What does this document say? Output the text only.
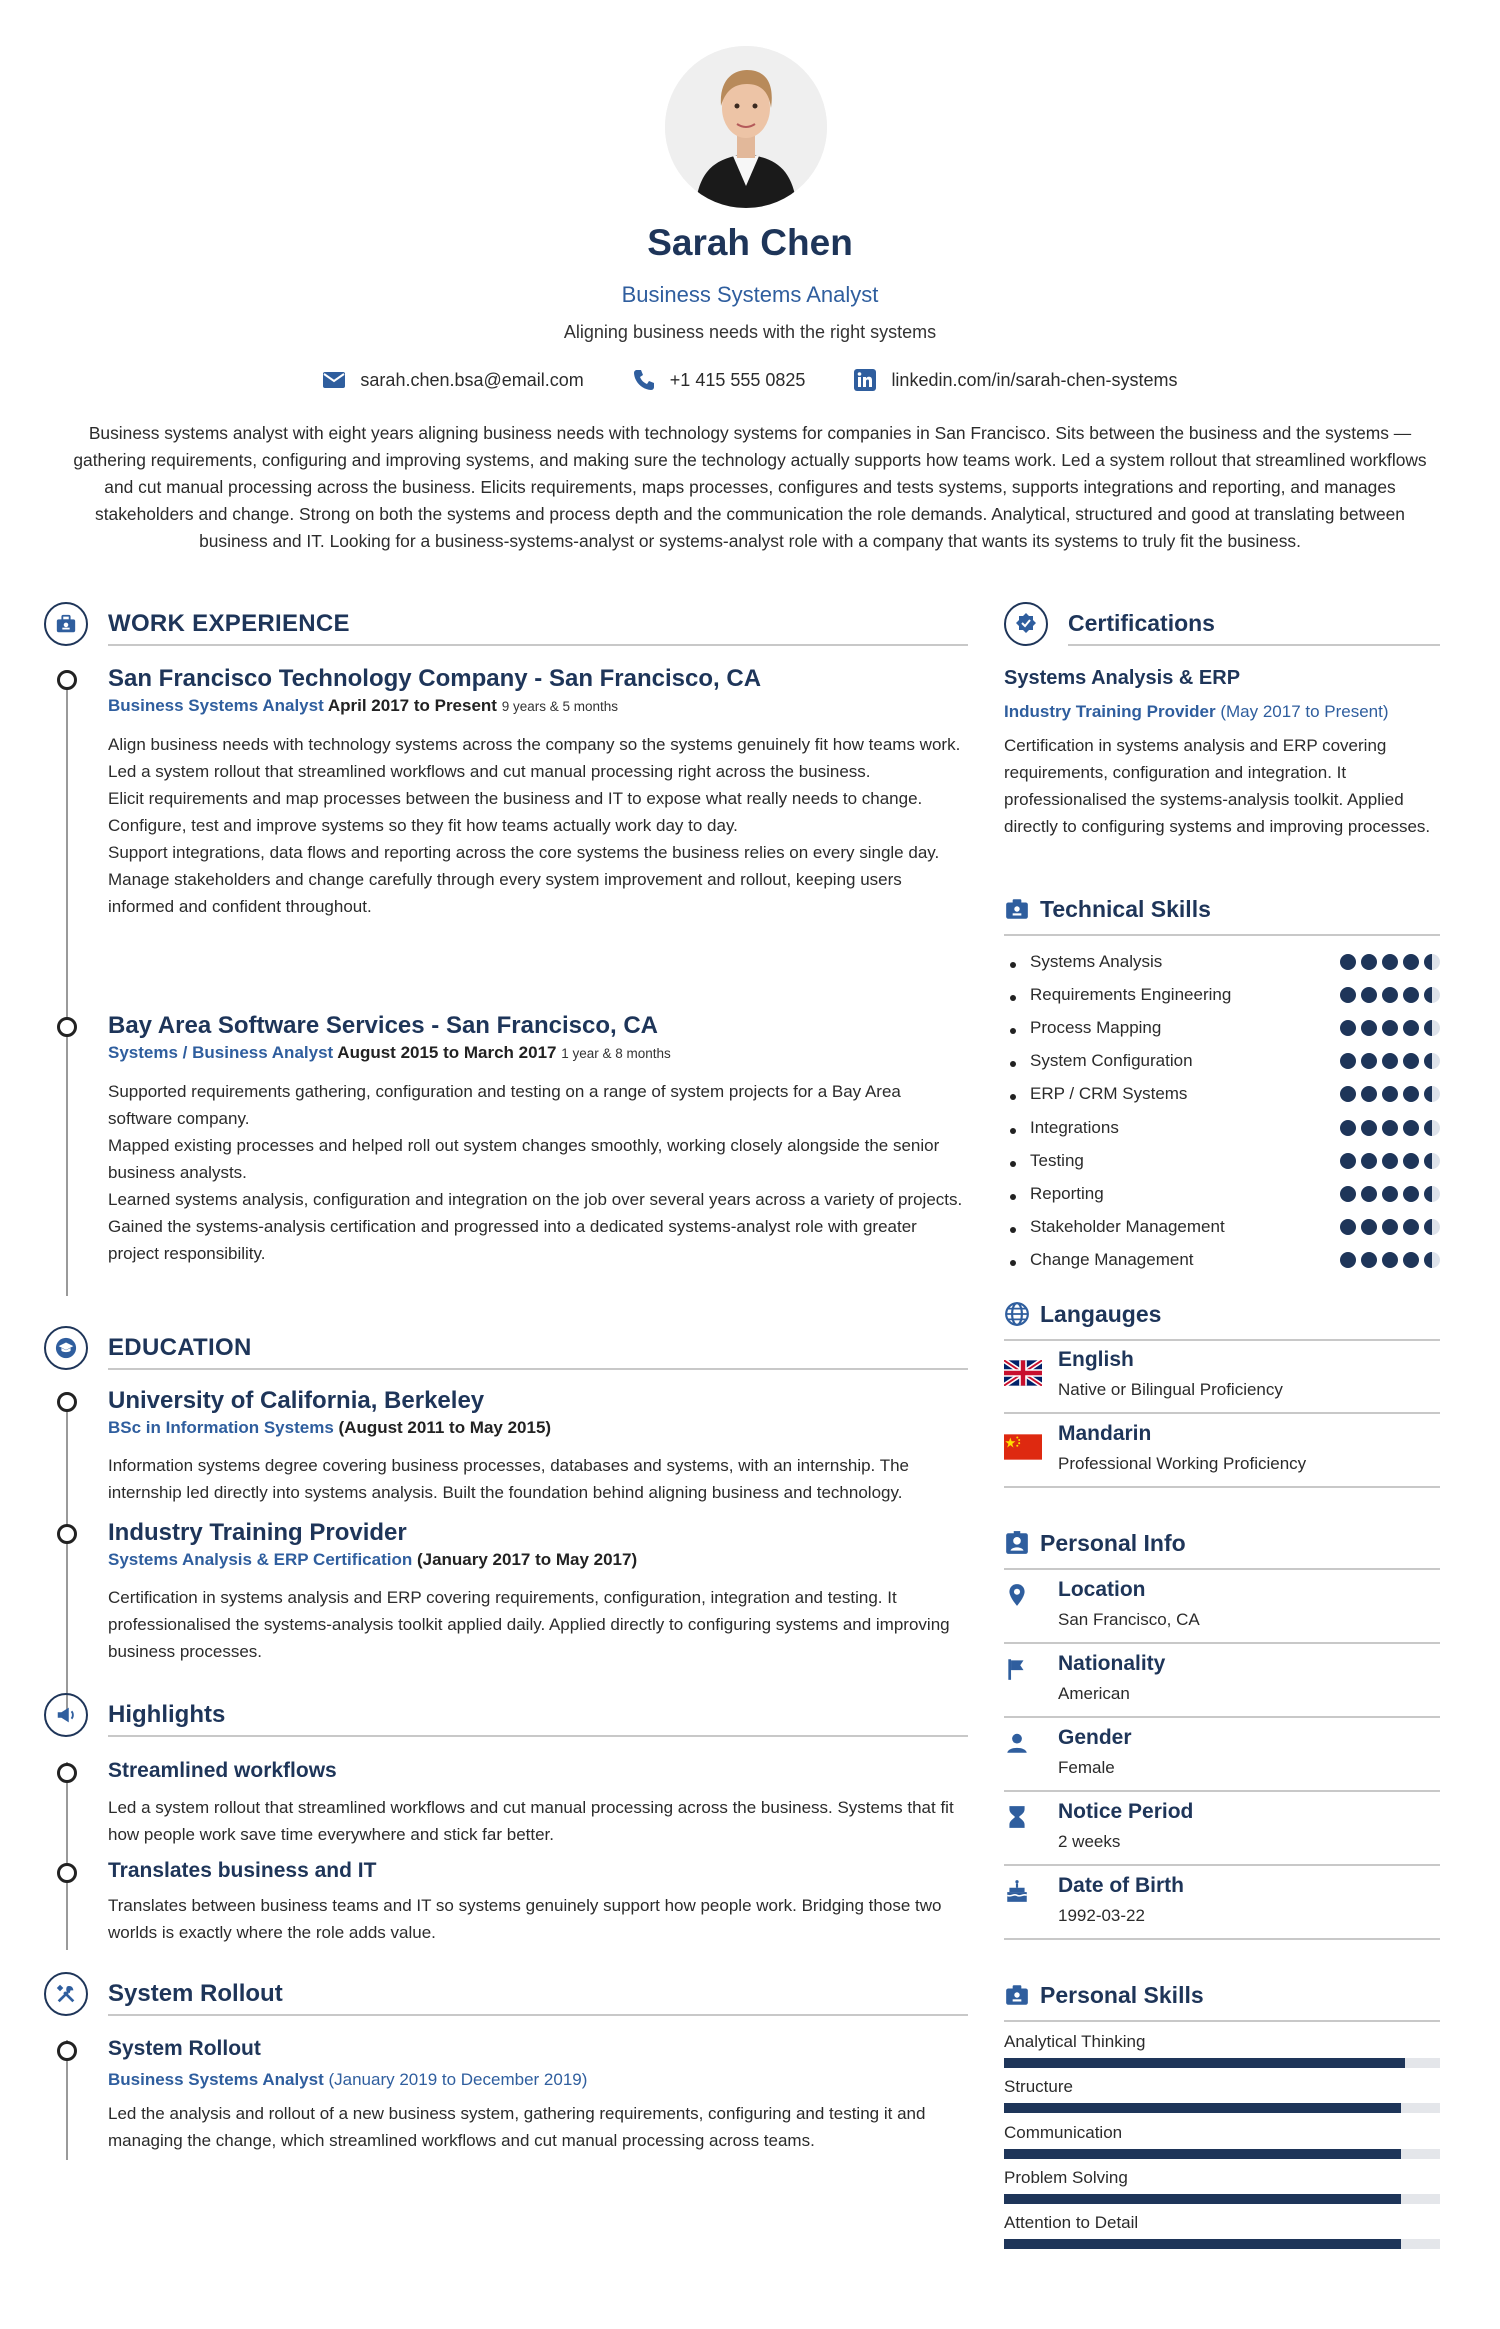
Sarah Chen
Business Systems Analyst
Aligning business needs with the right systems
sarah.chen.bsa@email.com	+1 415 555 0825	linkedin.com/in/sarah-chen-systems
Business systems analyst with eight years aligning business needs with technology systems for companies in San Francisco. Sits between the business and the systems — gathering requirements, configuring and improving systems, and making sure the technology actually supports how teams work. Led a system rollout that streamlined workflows and cut manual processing across the business. Elicits requirements, maps processes, configures and tests systems, supports integrations and reporting, and manages stakeholders and change. Strong on both the systems and process depth and the communication the role demands. Analytical, structured and good at translating between business and IT. Looking for a business-systems-analyst or systems-analyst role with a company that wants its systems to truly fit the business.
WORK EXPERIENCE
San Francisco Technology Company - San Francisco, CA
Business Systems Analyst April 2017 to Present 9 years & 5 months
Align business needs with technology systems across the company so the systems genuinely fit how teams work.
Led a system rollout that streamlined workflows and cut manual processing right across the business.
Elicit requirements and map processes between the business and IT to expose what really needs to change.
Configure, test and improve systems so they fit how teams actually work day to day.
Support integrations, data flows and reporting across the core systems the business relies on every single day.
Manage stakeholders and change carefully through every system improvement and rollout, keeping users informed and confident throughout.
Bay Area Software Services - San Francisco, CA
Systems / Business Analyst August 2015 to March 2017 1 year & 8 months
Supported requirements gathering, configuration and testing on a range of system projects for a Bay Area software company.
Mapped existing processes and helped roll out system changes smoothly, working closely alongside the senior business analysts.
Learned systems analysis, configuration and integration on the job over several years across a variety of projects.
Gained the systems-analysis certification and progressed into a dedicated systems-analyst role with greater project responsibility.
EDUCATION
University of California, Berkeley
BSc in Information Systems (August 2011 to May 2015)
Information systems degree covering business processes, databases and systems, with an internship. The internship led directly into systems analysis. Built the foundation behind aligning business and technology.
Industry Training Provider
Systems Analysis & ERP Certification (January 2017 to May 2017)
Certification in systems analysis and ERP covering requirements, configuration, integration and testing. It professionalised the systems-analysis toolkit applied daily. Applied directly to configuring systems and improving business processes.
Highlights
Streamlined workflows
Led a system rollout that streamlined workflows and cut manual processing across the business. Systems that fit how people work save time everywhere and stick far better.
Translates business and IT
Translates between business teams and IT so systems genuinely support how people work. Bridging those two worlds is exactly where the role adds value.
System Rollout
System Rollout
Business Systems Analyst (January 2019 to December 2019)
Led the analysis and rollout of a new business system, gathering requirements, configuring and testing it and managing the change, which streamlined workflows and cut manual processing across teams.
Certifications
Systems Analysis & ERP
Industry Training Provider (May 2017 to Present)
Certification in systems analysis and ERP covering requirements, configuration and integration. It professionalised the systems-analysis toolkit. Applied directly to configuring systems and improving processes.
Technical Skills
Systems Analysis
Requirements Engineering
Process Mapping
System Configuration
ERP / CRM Systems
Integrations
Testing
Reporting
Stakeholder Management
Change Management
Langauges
English
Native or Bilingual Proficiency
Mandarin
Professional Working Proficiency
Personal Info
Location
San Francisco, CA
Nationality
American
Gender
Female
Notice Period
2 weeks
Date of Birth
1992-03-22
Personal Skills
Analytical Thinking
Structure
Communication
Problem Solving
Attention to Detail
